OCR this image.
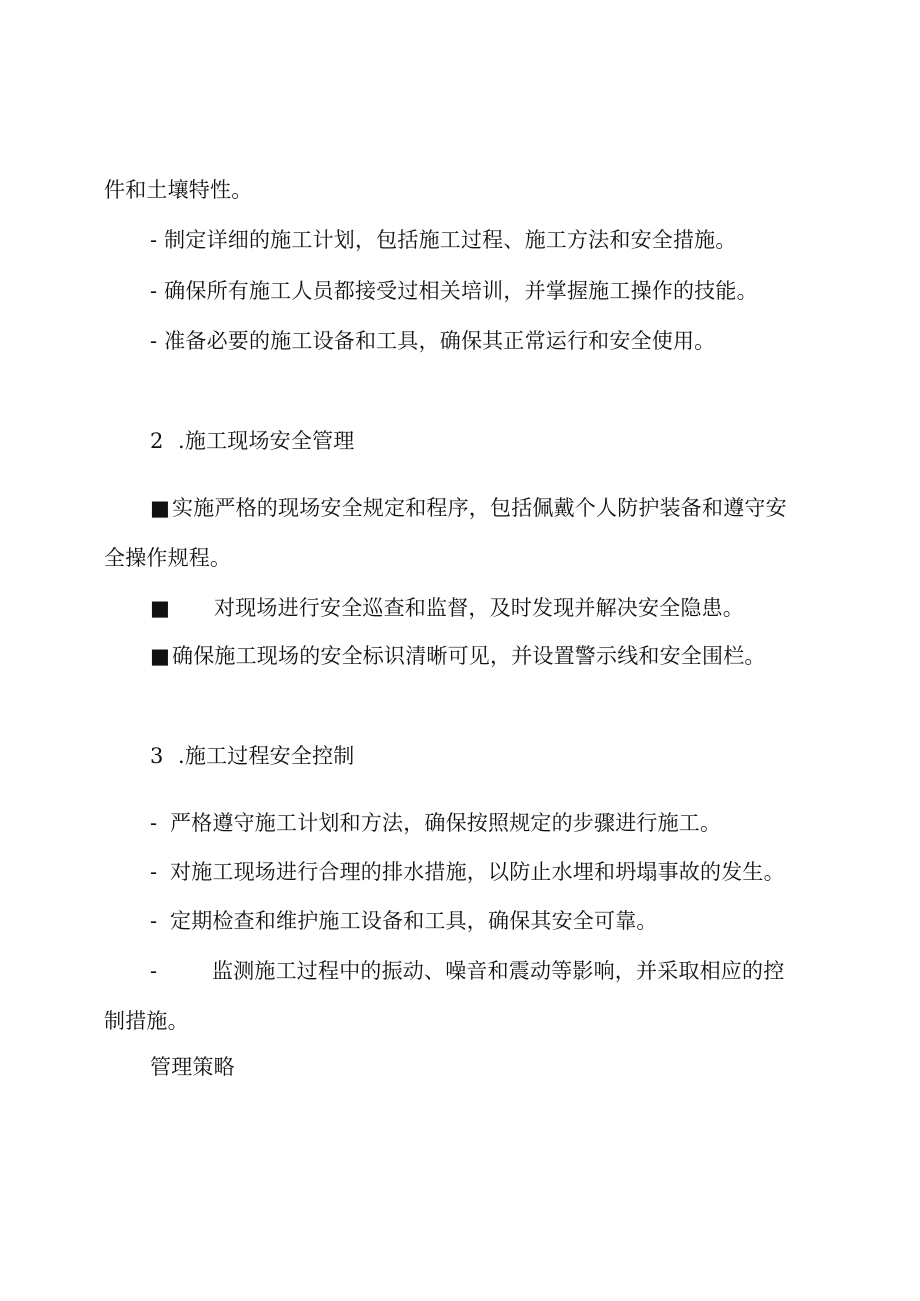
件和土壤特性。
- 制定详细的施工计划，包括施工过程、施工方法和安全措施。
- 确保所有施工人员都接受过相关培训，并掌握施工操作的技能。
- 准备必要的施工设备和工具，确保其正常运行和安全使用。
2 .施工现场安全管理
■实施严格的现场安全规定和程序，包括佩戴个人防护装备和遵守安
全操作规程。
■ 对现场进行安全巡查和监督，及时发现并解决安全隐患。
■确保施工现场的安全标识清晰可见，并设置警示线和安全围栏。
3 .施工过程安全控制
- 严格遵守施工计划和方法，确保按照规定的步骤进行施工。
- 对施工现场进行合理的排水措施，以防止水埋和坍塌事故的发生。
- 定期检查和维护施工设备和工具，确保其安全可靠。
-	监测施工过程中的振动、噪音和震动等影响，并采取相应的控
制措施。
管理策略
